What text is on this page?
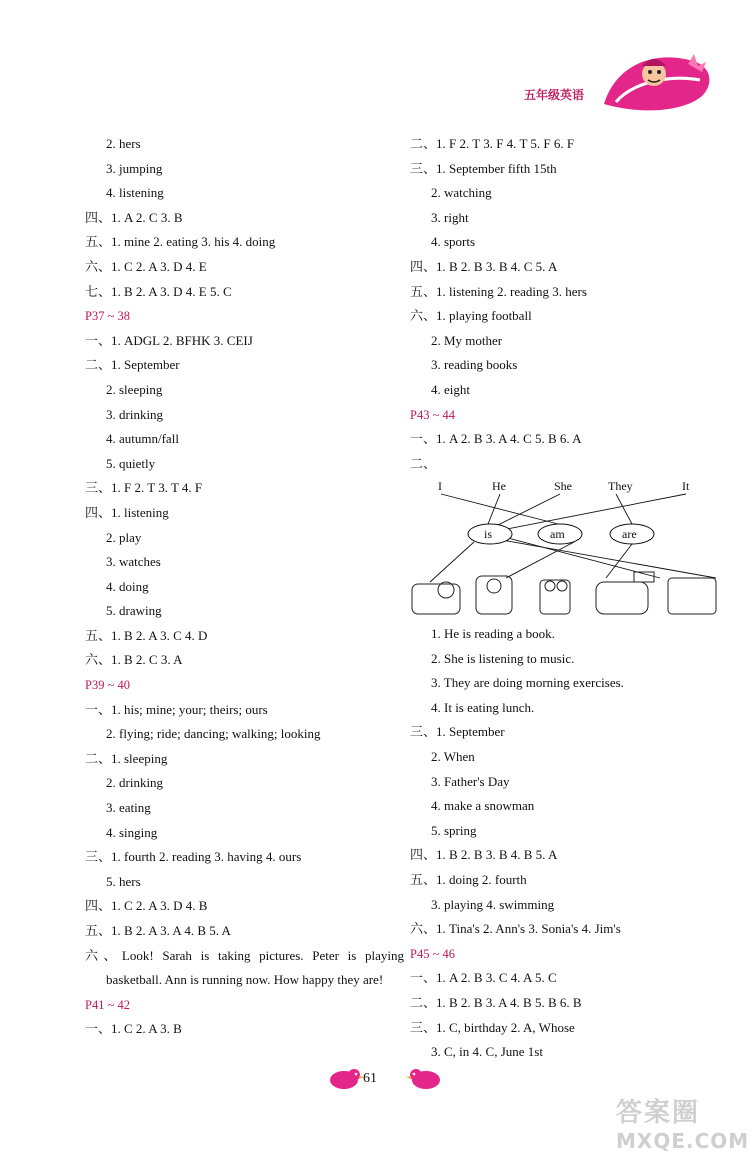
五年级英语
2. hers
3. jumping
4. listening
四、1. A 2. C 3. B
五、1. mine 2. eating 3. his 4. doing
六、1. C 2. A 3. D 4. E
七、1. B 2. A 3. D 4. E 5. C
P37 ~ 38
一、1. ADGL 2. BFHK 3. CEIJ
二、1. September
2. sleeping
3. drinking
4. autumn/fall
5. quietly
三、1. F 2. T 3. T 4. F
四、1. listening
2. play
3. watches
4. doing
5. drawing
五、1. B 2. A 3. C 4. D
六、1. B 2. C 3. A
P39 ~ 40
一、1. his; mine; your; theirs; ours
2. flying; ride; dancing; walking; looking
二、1. sleeping
2. drinking
3. eating
4. singing
三、1. fourth 2. reading 3. having 4. ours
5. hers
四、1. C 2. A 3. D 4. B
五、1. B 2. A 3. A 4. B 5. A
六、Look! Sarah is taking pictures. Peter is playing basketball. Ann is running now. How happy they are!
P41 ~ 42
一、1. C 2. A 3. B
二、1. F 2. T 3. F 4. T 5. F 6. F
三、1. September fifth 15th
2. watching
3. right
4. sports
四、1. B 2. B 3. B 4. C 5. A
五、1. listening 2. reading 3. hers
六、1. playing football
2. My mother
3. reading books
4. eight
P43 ~ 44
一、1. A 2. B 3. A 4. C 5. B 6. A
二、
I	He	She	They	It
is	am	are
1. He is reading a book.
2. She is listening to music.
3. They are doing morning exercises.
4. It is eating lunch.
三、1. September
2. When
3. Father's Day
4. make a snowman
5. spring
四、1. B 2. B 3. B 4. B 5. A
五、1. doing 2. fourth
3. playing 4. swimming
六、1. Tina's 2. Ann's 3. Sonia's 4. Jim's
P45 ~ 46
一、1. A 2. B 3. C 4. A 5. C
二、1. B 2. B 3. A 4. B 5. B 6. B
三、1. C, birthday 2. A, Whose
3. C, in 4. C, June 1st
61
答案圈
MXQE.COM
